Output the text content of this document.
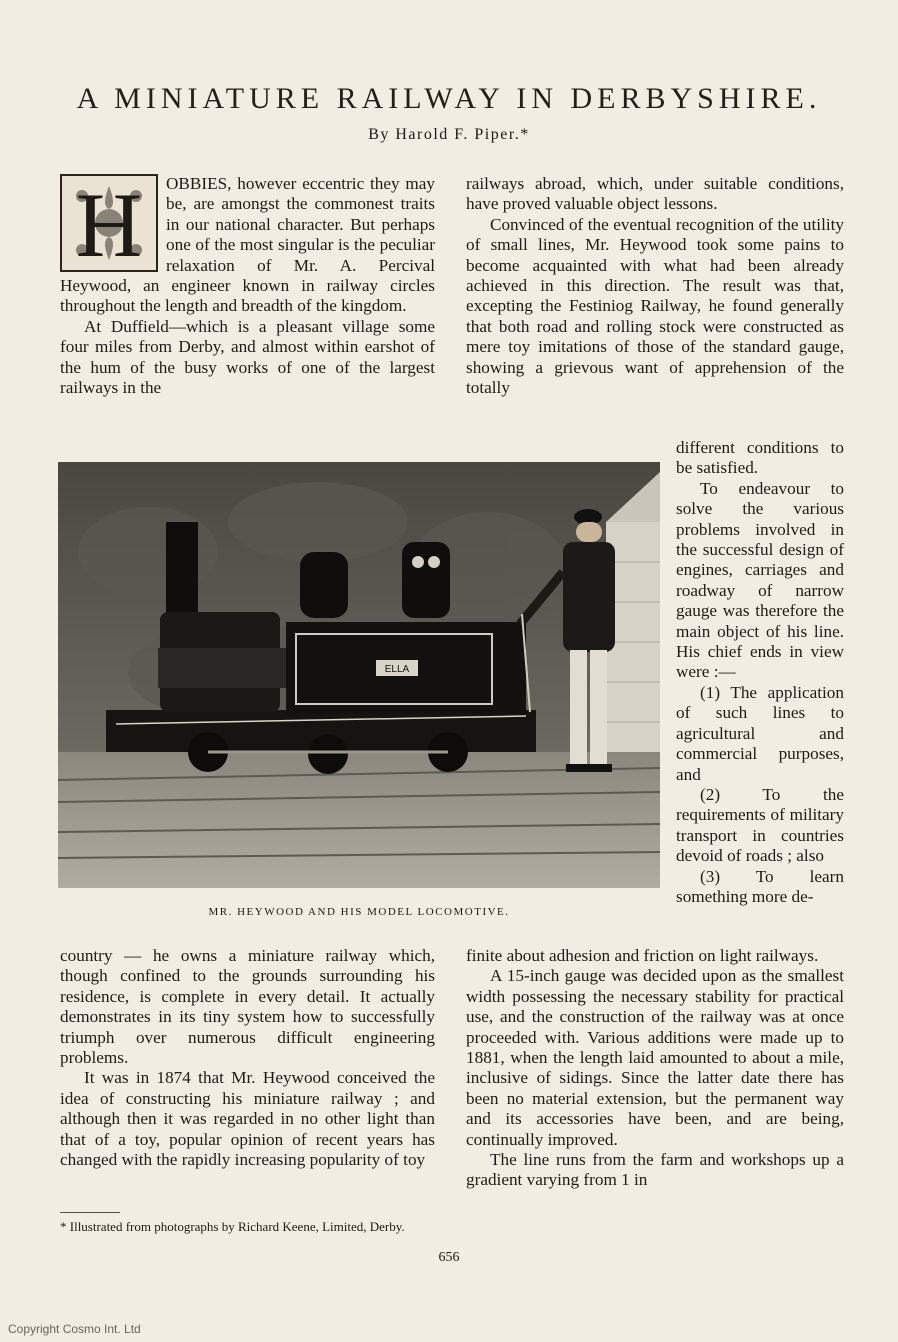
A MINIATURE RAILWAY IN DERBYSHIRE.
By Harold F. Piper.*
H	OBBIES, however eccentric they may be, are amongst the commonest traits in our national character. But perhaps one of the most singular is the peculiar relaxation of Mr. A. Percival Heywood, an engineer known in railway circles throughout the length and breadth of the kingdom.

At Duffield—which is a pleasant village some four miles from Derby, and almost within earshot of the hum of the busy works of one of the largest railways in the

railways abroad, which, under suitable conditions, have proved valuable object lessons.

Convinced of the eventual recognition of the utility of small lines, Mr. Heywood took some pains to become acquainted with what had been already achieved in this direction. The result was that, excepting the Festiniog Railway, he found generally that both road and rolling stock were constructed as mere toy imitations of those of the standard gauge, showing a grievous want of apprehension of the totally

ELLA
MR. HEYWOOD AND HIS MODEL LOCOMOTIVE.

different conditions to be satisfied.

To endeavour to solve the various problems involved in the successful design of engines, carriages and roadway of narrow gauge was therefore the main object of his line. His chief ends in view were :—

(1) The application of such lines to agricultural and commercial purposes, and

(2) To the requirements of military transport in countries devoid of roads ; also

(3) To learn something more de-

country — he owns a miniature railway which, though confined to the grounds surrounding his residence, is complete in every detail. It actually demonstrates in its tiny system how to successfully triumph over numerous difficult engineering problems.

It was in 1874 that Mr. Heywood conceived the idea of constructing his miniature railway ; and although then it was regarded in no other light than that of a toy, popular opinion of recent years has changed with the rapidly increasing popularity of toy

finite about adhesion and friction on light railways.

A 15-inch gauge was decided upon as the smallest width possessing the necessary stability for practical use, and the construction of the railway was at once proceeded with. Various additions were made up to 1881, when the length laid amounted to about a mile, inclusive of sidings. Since the latter date there has been no material extension, but the permanent way and its accessories have been, and are being, continually improved.

The line runs from the farm and workshops up a gradient varying from 1 in

* Illustrated from photographs by Richard Keene, Limited, Derby.
656
Copyright Cosmo Int. Ltd
